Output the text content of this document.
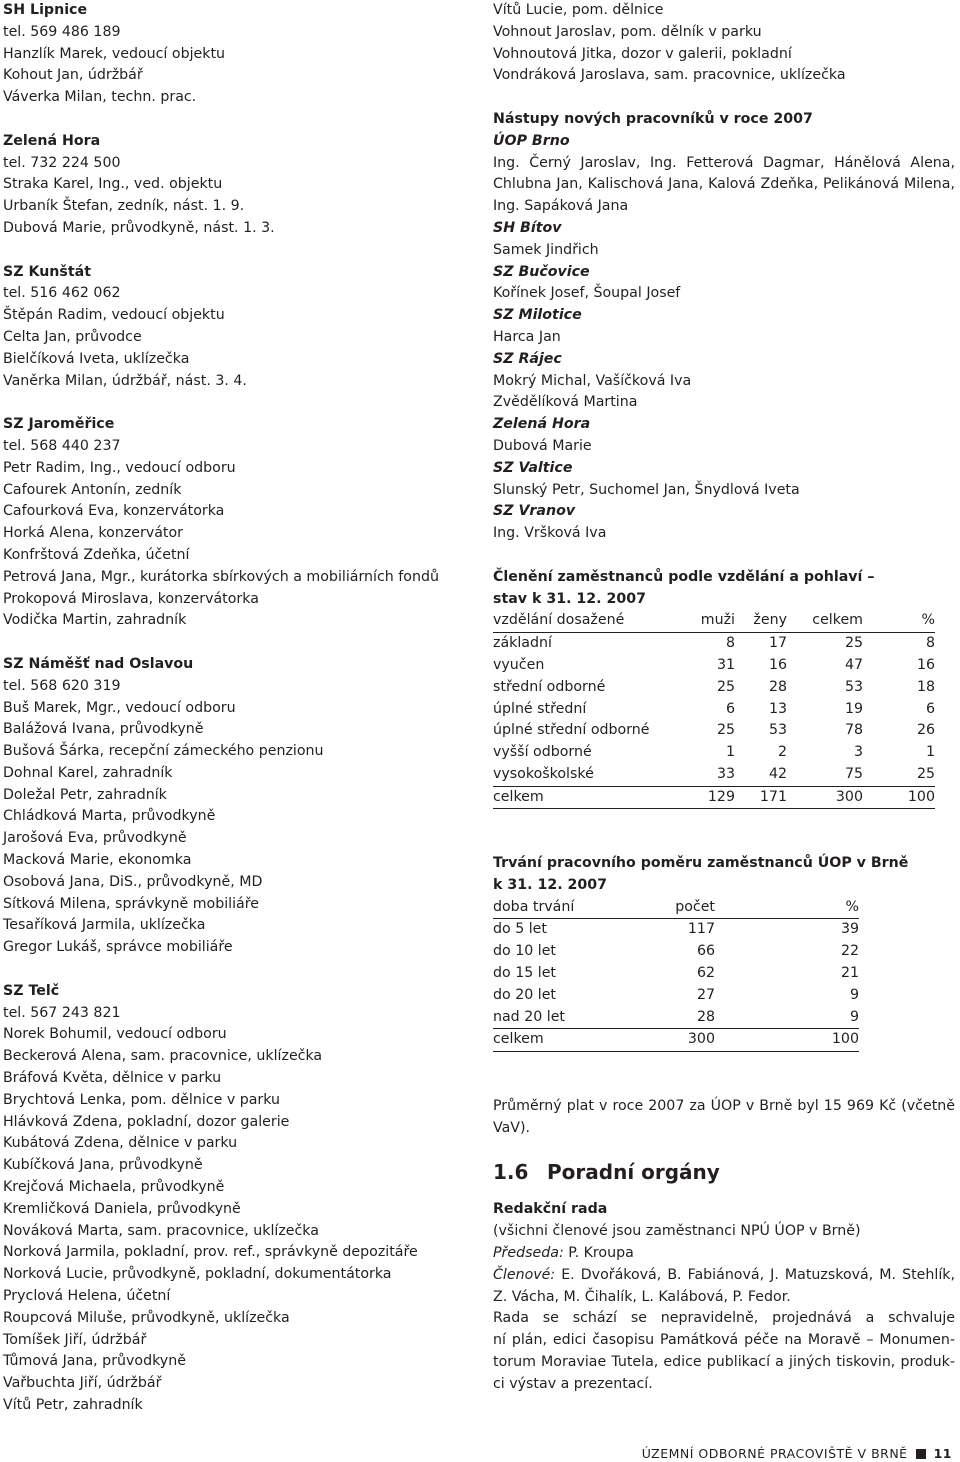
SH Lipnice
tel. 569 486 189
Hanzlík Marek, vedoucí objektu
Kohout Jan, údržbář
Váverka Milan, techn. prac.
Zelená Hora
tel. 732 224 500
Straka Karel, Ing., ved. objektu
Urbaník Štefan, zedník, nást. 1. 9.
Dubová Marie, průvodkyně, nást. 1. 3.
SZ Kunštát
tel. 516 462 062
Štěpán Radim, vedoucí objektu
Celta Jan, průvodce
Bielčíková Iveta, uklízečka
Vaněrka Milan, údržbář, nást. 3. 4.
SZ Jaroměřice
tel. 568 440 237
Petr Radim, Ing., vedoucí odboru
Cafourek Antonín, zedník
Cafourková Eva, konzervátorka
Horká Alena, konzervátor
Konfrštová Zdeňka, účetní
Petrová Jana, Mgr., kurátorka sbírkových a mobiliárních fondů
Prokopová Miroslava, konzervátorka
Vodička Martin, zahradník
SZ Náměšť nad Oslavou
tel. 568 620 319
Buš Marek, Mgr., vedoucí odboru
Balážová Ivana, průvodkyně
Bušová Šárka, recepční zámeckého penzionu
Dohnal Karel, zahradník
Doležal Petr, zahradník
Chládková Marta, průvodkyně
Jarošová Eva, průvodkyně
Macková Marie, ekonomka
Osobová Jana, DiS., průvodkyně, MD
Sítková Milena, správkyně mobiliáře
Tesaříková Jarmila, uklízečka
Gregor Lukáš, správce mobiliáře
SZ Telč
tel. 567 243 821
Norek Bohumil, vedoucí odboru
Beckerová Alena, sam. pracovnice, uklízečka
Bráfová Květa, dělnice v parku
Brychtová Lenka, pom. dělnice v parku
Hlávková Zdena, pokladní, dozor galerie
Kubátová Zdena, dělnice v parku
Kubíčková Jana, průvodkyně
Krejčová Michaela, průvodkyně
Kremličková Daniela, průvodkyně
Nováková Marta, sam. pracovnice, uklízečka
Norková Jarmila, pokladní, prov. ref., správkyně depozitáře
Norková Lucie, průvodkyně, pokladní, dokumentátorka
Pryclová Helena, účetní
Roupcová Miluše, průvodkyně, uklízečka
Tomíšek Jiří, údržbář
Tůmová Jana, průvodkyně
Vařbuchta Jiří, údržbář
Vítů Petr, zahradník
Vítů Lucie, pom. dělnice
Vohnout Jaroslav, pom. dělník v parku
Vohnoutová Jitka, dozor v galerii, pokladní
Vondráková Jaroslava, sam. pracovnice, uklízečka
Nástupy nových pracovníků v roce 2007
ÚOP Brno
Ing. Černý Jaroslav, Ing. Fetterová Dagmar, Hánělová Alena,
Chlubna Jan, Kalischová Jana, Kalová Zdeňka, Pelikánová Milena,
Ing. Sapáková Jana
SH Bítov
Samek Jindřich
SZ Bučovice
Kořínek Josef, Šoupal Josef
SZ Milotice
Harca Jan
SZ Rájec
Mokrý Michal, Vašíčková Iva
Zvědělíková Martina
Zelená Hora
Dubová Marie
SZ Valtice
Slunský Petr, Suchomel Jan, Šnydlová Iveta
SZ Vranov
Ing. Vršková Iva
Členění zaměstnanců podle vzdělání a pohlaví –
stav k 31. 12. 2007
vzdělání dosažené	muži	ženy	celkem	%
základní	8	17	25	8
vyučen	31	16	47	16
střední odborné	25	28	53	18
úplné střední	6	13	19	6
úplné střední odborné	25	53	78	26
vyšší odborné	1	2	3	1
vysokoškolské	33	42	75	25
celkem	129	171	300	100
Trvání pracovního poměru zaměstnanců ÚOP v Brně
k 31. 12. 2007
doba trvání	počet	%
do 5 let	117	39
do 10 let	66	22
do 15 let	62	21
do 20 let	27	9
nad 20 let	28	9
celkem	300	100
Průměrný plat v roce 2007 za ÚOP v Brně byl 15 969 Kč (včetně
VaV).
1.6 Poradní orgány
Redakční rada
(všichni členové jsou zaměstnanci NPÚ ÚOP v Brně)
Předseda: P. Kroupa
Členové: E. Dvořáková, B. Fabiánová, J. Matuzsková, M. Stehlík,
Z. Vácha, M. Čihalík, L. Kalábová, P. Fedor.
Rada se schází se nepravidelně, projednává a schvaluje
ní plán, edici časopisu Památková péče na Moravě – Monumen-
torum Moraviae Tutela, edice publikací a jiných tiskovin, produk-
ci výstav a prezentací.
ÚZEMNÍ ODBORNÉ PRACOVIŠTĚ V BRNĚ 11
